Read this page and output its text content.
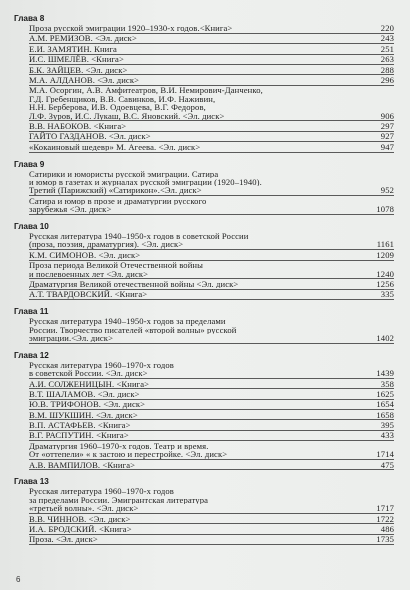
Глава 8
Проза русской эмиграции 1920–1930-х годов.<Книга>	220
А.М. РЕМИЗОВ. <Эл. диск>	243
Е.И. ЗАМЯТИН. Книга	251
И.С. ШМЕЛЁВ. <Книга>	263
Б.К. ЗАЙЦЕВ. <Эл. диск>	288
М.А. АЛДАНОВ. <Эл. диск>	296
М.А. Осоргин, А.В. Амфитеатров, В.И. Немирович-Данченко,
Г.Д. Гребенщиков, В.В. Савинков, И.Ф. Наживин,
Н.Н. Берберова, И.В. Одоевцева, В.Г. Федоров,
Л.Ф. Зуров, И.С. Лукаш, В.С. Яновский. <Эл. диск>	906
В.В. НАБОКОВ. <Книга>	297
ГАЙТО ГАЗДАНОВ. <Эл. диск>	927
«Кокаиновый шедевр» М. Агеева. <Эл. диск>	947
Глава 9
Сатирики и юмористы русской эмиграции. Сатира
и юмор в газетах и журналах русской эмиграции (1920–1940).
Третий (Парижский) «Сатирикон».<Эл. диск>	952
Сатира и юмор в прозе и драматургии русского
зарубежья <Эл. диск>	1078
Глава 10
Русская литература 1940–1950-х годов в советской России
(проза, поэзия, драматургия). <Эл. диск>	1161
К.М. СИМОНОВ. <Эл. диск>	1209
Проза периода Великой Отечественной войны
и послевоенных лет <Эл. диск>	1240
Драматургия Великой отечественной войны <Эл. диск>	1256
А.Т. ТВАРДОВСКИЙ. <Книга>	335
Глава 11
Русская литература 1940–1950-х годов за пределами
России. Творчество писателей «второй волны» русской
эмиграции.<Эл. диск>	1402
Глава 12
Русская литература 1960–1970-х годов
в советской России. <Эл. диск>	1439
А.И. СОЛЖЕНИЦЫН. <Книга>	358
В.Т. ШАЛАМОВ. <Эл. диск>	1625
Ю.В. ТРИФОНОВ. <Эл. диск>	1654
В.М. ШУКШИН. <Эл. диск>	1658
В.П. АСТАФЬЕВ. <Книга>	395
В.Г. РАСПУТИН. <Книга>	433
Драматургия 1960–1970-х годов. Театр и время.
От «оттепели» « к застою и перестройке. <Эл. диск>	1714
А.В. ВАМПИЛОВ. <Книга>	475
Глава 13
Русская литература 1960–1970-х годов
за пределами России. Эмигрантская литература
«третьей волны». <Эл. диск>	1717
В.В. ЧИННОВ. <Эл. диск>	1722
И.А. БРОДСКИЙ. <Книга>	486
Проза. <Эл. диск>	1735
6
